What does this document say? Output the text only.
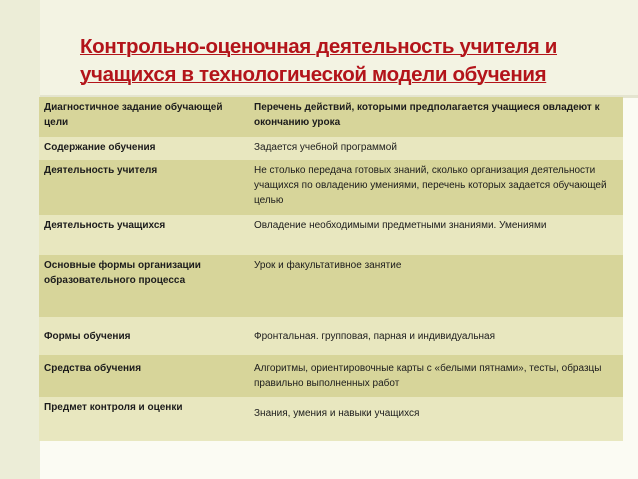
Контрольно-оценочная деятельность учителя и
учащихся в технологической модели обучения
Диагностичное задание обучающей цели	Перечень действий, которыми предполагается учащиеся овладеют к окончанию урока
Содержание обучения	Задается учебной программой
Деятельность учителя	Не столько передача готовых знаний, сколько организация деятельности учащихся по овладению умениями, перечень которых задается обучающей целью
Деятельность учащихся	Овладение необходимыми предметными знаниями. Умениями
Основные формы организации образовательного процесса	Урок и факультативное занятие
Формы обучения	Фронтальная. групповая, парная и индивидуальная
Средства обучения	Алгоритмы, ориентировочные карты с «белыми пятнами», тесты, образцы правильно выполненных работ
Предмет контроля и оценки	Знания, умения и навыки учащихся
